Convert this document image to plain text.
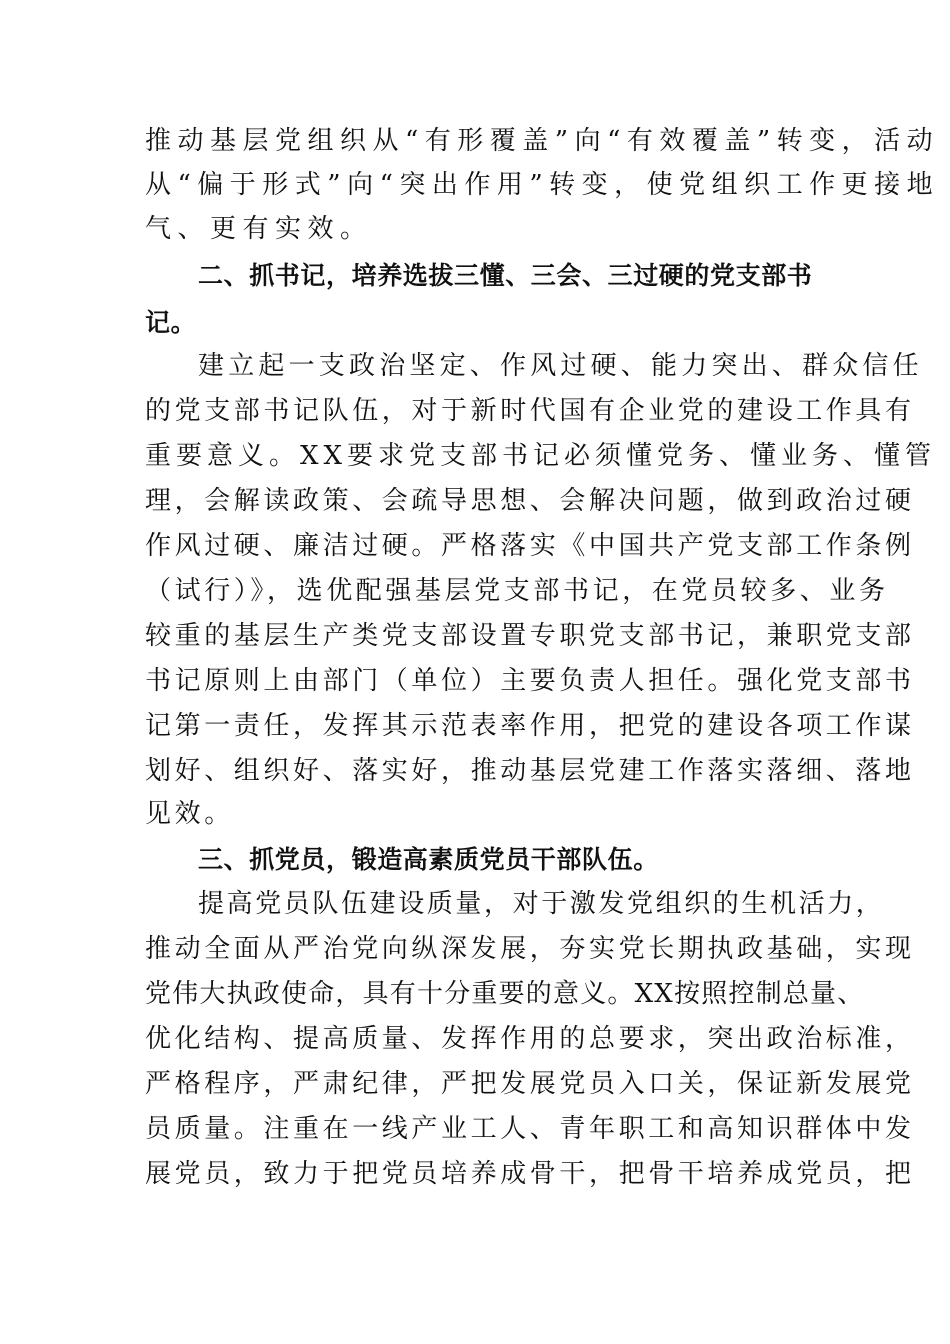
推动基层党组织从“有形覆盖”向“有效覆盖”转变，活动
从“偏于形式”向“突出作用”转变，使党组织工作更接地
气、更有实效。
二、抓书记，培养选拔三懂、三会、三过硬的党支部书
记。
建立起一支政治坚定、作风过硬、能力突出、群众信任
的党支部书记队伍，对于新时代国有企业党的建设工作具有
重要意义。XX要求党支部书记必须懂党务、懂业务、懂管
理，会解读政策、会疏导思想、会解决问题，做到政治过硬
作风过硬、廉洁过硬。严格落实《中国共产党支部工作条例
（试行）》，选优配强基层党支部书记，在党员较多、业务
较重的基层生产类党支部设置专职党支部书记，兼职党支部
书记原则上由部门（单位）主要负责人担任。强化党支部书
记第一责任，发挥其示范表率作用，把党的建设各项工作谋
划好、组织好、落实好，推动基层党建工作落实落细、落地
见效。
三、抓党员，锻造高素质党员干部队伍。
提高党员队伍建设质量，对于激发党组织的生机活力，
推动全面从严治党向纵深发展，夯实党长期执政基础，实现
党伟大执政使命，具有十分重要的意义。XX按照控制总量、
优化结构、提高质量、发挥作用的总要求，突出政治标准，
严格程序，严肃纪律，严把发展党员入口关，保证新发展党
员质量。注重在一线产业工人、青年职工和高知识群体中发
展党员，致力于把党员培养成骨干，把骨干培养成党员，把
